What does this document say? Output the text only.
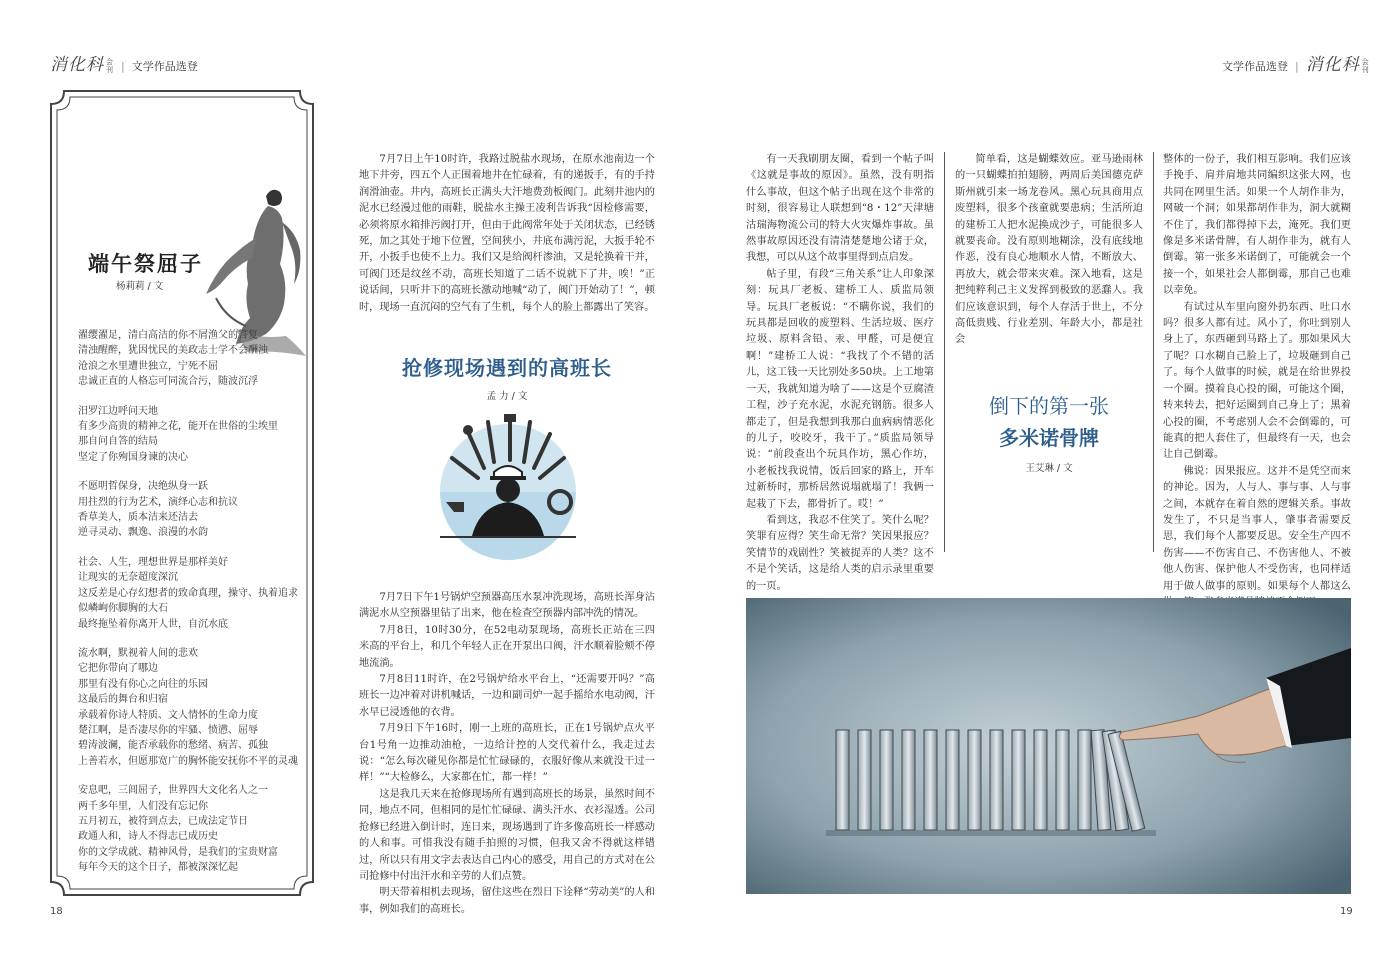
消化科 会刊  |  文学作品选登	文学作品选登  |  消化科 会刊
端午祭屈子
杨莉莉 / 文
濯缨濯足，清白高洁的你不屑渔父的答复
清浊醒醉，犹因忧民的美政志士学不会酬浊
沧浪之水里遭世独立，宁死不屈
忠诚正直的人格忘可同流合污，随波沉浮
汨罗江边呼问天地
有多少高贵的精神之花，能开在世俗的尘埃里
那自问自答的结局
坚定了你殉国身谏的决心
不愿明哲保身，决绝纵身一跃
用拄烈的行为艺术，演绎心志和抗议
香草美人，质本洁来还洁去
逆寻灵动、飘逸、浪漫的水韵
社会、人生，理想世界是那样美好
让现实的无奈超度深沉
这反差是心存幻想者的致命真理，操守、执着追求
似嶙峋你脚胸的大石
最终拖坠着你离开人世，自沉水底
流水啊，默视着人间的悲欢
它把你带向了哪边
那里有没有你心之向往的乐园
这最后的舞台和归宿
承载着你诗人特质、文人情怀的生命力度
楚江啊，是否凄尽你的牢骚、愤懑、屈辱
碧涛波澜，能否承载你的愁绪、病苦、孤独
上善若水，但愿那宽广的胸怀能安抚你不平的灵魂
安息吧，三闾屈子，世界四大文化名人之一
两千多年里，人们没有忘记你
五月初五，被符到点去，已成法定节日
政通人和，诗人不得志已成历史
你的文学成就、精神风骨，是我们的宝贵财富
每年今天的这个日子，都被深深忆起

7月7日上午10时许，我路过脱盐水现场，在原水池南边一个地下井旁，四五个人正围着地井在忙碌着，有的递扳手，有的手持润滑油壶。井内，高班长正满头大汗地费劲板阀门。此刻井池内的泥水已经漫过他的雨鞋，脱盐水主操王凌利告诉我“因检修需要，必须将原水箱排污阀打开，但由于此阀常年处于关闭状态，已经锈死，加之其处于地下位置，空间狭小，井底布满污泥，大扳手轮不开，小扳手也使不上力。我们又是给阀杆渗油，又是轮换着干并，可阀门还是纹丝不动，高班长知道了二话不说就下了井，唉！”正说话间，只听井下的高班长激动地喊“动了，阀门开始动了！”，顿时，现场一直沉闷的空气有了生机，每个人的脸上都露出了笑容。

抢修现场遇到的高班长
孟 力 / 文

7月7日下午1号锅炉空预器高压水泵冲洗现场，高班长浑身沾满泥水从空预器里钻了出来，他在检查空预器内部冲洗的情况。

7月8日，10时30分，在52电动泵现场，高班长正站在三四米高的平台上，和几个年轻人正在开泵出口阀，汗水顺着脸颊不停地流淌。

7月8日11时许，在2号锅炉给水平台上，“还需要开吗？”高班长一边冲着对讲机喊话，一边和副司炉一起手摇给水电动阀，汗水早已浸透他的衣背。

7月9日下午16时，刚一上班的高班长，正在1号锅炉点火平台1号角一边推动油枪，一边给计控的人交代着什么，我走过去说：“怎么每次碰见你都是忙忙碌碌的，衣服好像从来就没干过一样！”“大检修么，大家都在忙，都一样！”

这是我几天来在抢修现场所有遇到高班长的场景，虽然时间不同，地点不同，但相同的是忙忙碌碌、满头汗水、衣衫湿透。公司抢修已经进入倒计时，连日来，现场遇到了许多像高班长一样感动的人和事。可惜我没有随手拍照的习惯，但我又舍不得就这样错过，所以只有用文字去表达自己内心的感受，用自己的方式对在公司抢修中付出汗水和辛劳的人们点赞。

明天带着相机去现场，留住这些在烈日下诠释“劳动美”的人和事，例如我们的高班长。

18

有一天我刷朋友圈，看到一个帖子叫《这就是事故的原因》。虽然，没有明指什么事故，但这个帖子出现在这个非常的时刻，很容易让人联想到“8・12”天津塘沽瑞海物流公司的特大火灾爆炸事故。虽然事故原因还没有清清楚楚地公诸于众，我想，可以从这个故事里得到点启发。

帖子里，有段“三角关系”让人印象深刻：玩具厂老板、建桥工人、质监局领导。玩具厂老板说：“不瞒你说，我们的玩具都是回收的废塑料、生活垃圾、医疗垃圾、原料含铅、汞、甲醛，可是便宜啊！”建桥工人说：“我找了个不错的活儿，这工钱一天比别处多50块。上工地第一天，我就知道为啥了——这是个豆腐渣工程，沙子充水泥，水泥充钢筋。很多人都走了，但是我想到我那白血病病情恶化的儿子，咬咬牙，我干了。”质监局领导说：“前段查出个玩具作坊，黑心作坊，小老板找我说情，饭后回家的路上，开车过新桥时，那桥居然说塌就塌了！我俩一起栽了下去，都骨折了。哎！”

看到这，我忍不住笑了。笑什么呢？笑罪有应得？笑生命无常？笑因果报应？笑情节的戏剧性？笑被捉弄的人类？这不不是个笑话，这是给人类的启示录里重要的一页。

简单看，这是蝴蝶效应。亚马逊雨林的一只蝴蝶拍拍翅膀，两周后美国德克萨斯州就引来一场龙卷风。黑心玩具商用点废塑料，很多个孩童就要患病；生活所迫的建桥工人把水泥换成沙子，可能很多人就要丧命。没有原则地糊涂，没有底线地作恶，没有良心地顺水人情，不断放大、再放大，就会带来灾难。深入地看，这是把纯粹利己主义发挥到极致的恶蠢人。我们应该意识到，每个人存活于世上，不分高低贵贱、行业差别、年龄大小，都是社会

倒下的第一张
多米诺骨牌
王艾琳 / 文

整体的一份子，我们相互影响。我们应该手挽手、肩并肩地共同编织这张大网，也共同在网里生活。如果一个人胡作非为，网破一个洞；如果都胡作非为，洞大就糊不住了，我们都得掉下去，淹死。我们更像是多米诺骨牌，有人胡作非为，就有人倒霉。第一张多米诺倒了，可能就会一个接一个，如果社会人都倒霉，那自己也难以幸免。

有试过从车里向窗外扔东西、吐口水吗？很多人都有过。风小了，你吐到别人身上了，东西砸到马路上了。那如果风大了呢？口水糊自己脸上了，垃圾砸到自己了。每个人做事的时候，就是在给世界投一个圈。摸着良心投的圈，可能这个圈，转来转去，把好运圈到自己身上了；黑着心投的圈，不考虑别人会不会倒霉的，可能真的把人套住了，但最终有一天，也会让自己倒霉。

佛说：因果报应。这并不是凭空而来的神论。因为，人与人、事与事、人与事之间，本就存在着自然的逻辑关系。事故发生了，不只是当事人，肇事者需要反思，我们每个人都要反思。安全生产四不伤害——不伤害自己、不伤害他人、不被他人伤害、保护他人不受伤害，也同样适用于做人做事的原则。如果每个人都这么

19
